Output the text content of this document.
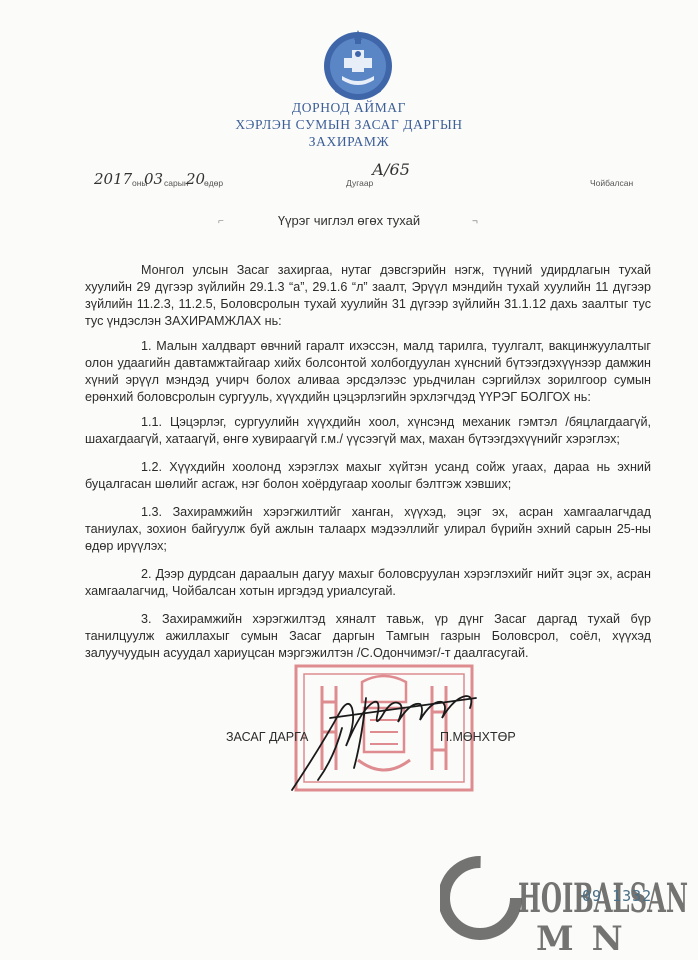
ДОРНОД АЙМАГ
ХЭРЛЭН СУМЫН ЗАСАГ ДАРГЫН
ЗАХИРАМЖ
2017 оны
03 сарын
20
өдөр	Дугаар
А/65
Чойбалсан
⌐	Үүрэг чиглэл өгөх тухай	¬

Монгол улсын Засаг захиргаа, нутаг дэвсгэрийн нэгж, түүний удирдлагын тухай хуулийн 29 дүгээр зүйлийн 29.1.3 “а”, 29.1.6 “л” заалт, Эрүүл мэндийн тухай хуулийн 11 дүгээр зүйлийн 11.2.3, 11.2.5, Боловсролын тухай хуулийн 31 дүгээр зүйлийн 31.1.12 дахь заалтыг тус тус үндэслэн ЗАХИРАМЖЛАХ нь:

1. Малын халдварт өвчний гаралт ихэссэн, малд тарилга, туулгалт, вакцинжуулалтыг олон удаагийн давтамжтайгаар хийх болсонтой холбогдуулан хүнсний бүтээгдэхүүнээр дамжин хүний эрүүл мэндэд учирч болох аливаа эрсдэлээс урьдчилан сэргийлэх зорилгоор сумын ерөнхий боловсролын сургууль, хүүхдийн цэцэрлэгийн эрхлэгчдэд ҮҮРЭГ БОЛГОХ нь:

1.1. Цэцэрлэг, сургуулийн хүүхдийн хоол, хүнсэнд механик гэмтэл /бяцлагдаагүй, шахагдаагүй, хатаагүй, өнгө хувираагүй г.м./ үүсээгүй мах, махан бүтээгдэхүүнийг хэрэглэх;

1.2. Хүүхдийн хоолонд хэрэглэх махыг хүйтэн усанд сойж угаах, дараа нь эхний буцалгасан шөлийг асгаж, нэг болон хоёрдугаар хоолыг бэлтгэж хэвших;

1.3. Захирамжийн хэрэгжилтийг ханган, хүүхэд, эцэг эх, асран хамгаалагчдад таниулах, зохион байгуулж буй ажлын талаарх мэдээллийг улирал бүрийн эхний сарын 25-ны өдөр ирүүлэх;

2. Дээр дурдсан дараалын дагуу махыг боловсруулан хэрэглэхийг нийт эцэг эх, асран хамгаалагчид, Чойбалсан хотын иргэдэд уриалсугай.

3. Захирамжийн хэрэгжилтэд хяналт тавьж, үр дүнг Засаг даргад тухай бүр танилцуулж ажиллахыг сумын Засаг даргын Тамгын газрын Боловсрол, соёл, хүүхэд залуучуудын асуудал хариуцсан мэргэжилтэн /С.Одончимэг/-т даалгасугай.

ЗАСАГ ДАРГА	П.МӨНХТӨР
HOIBALSAN
MN
09 1332
